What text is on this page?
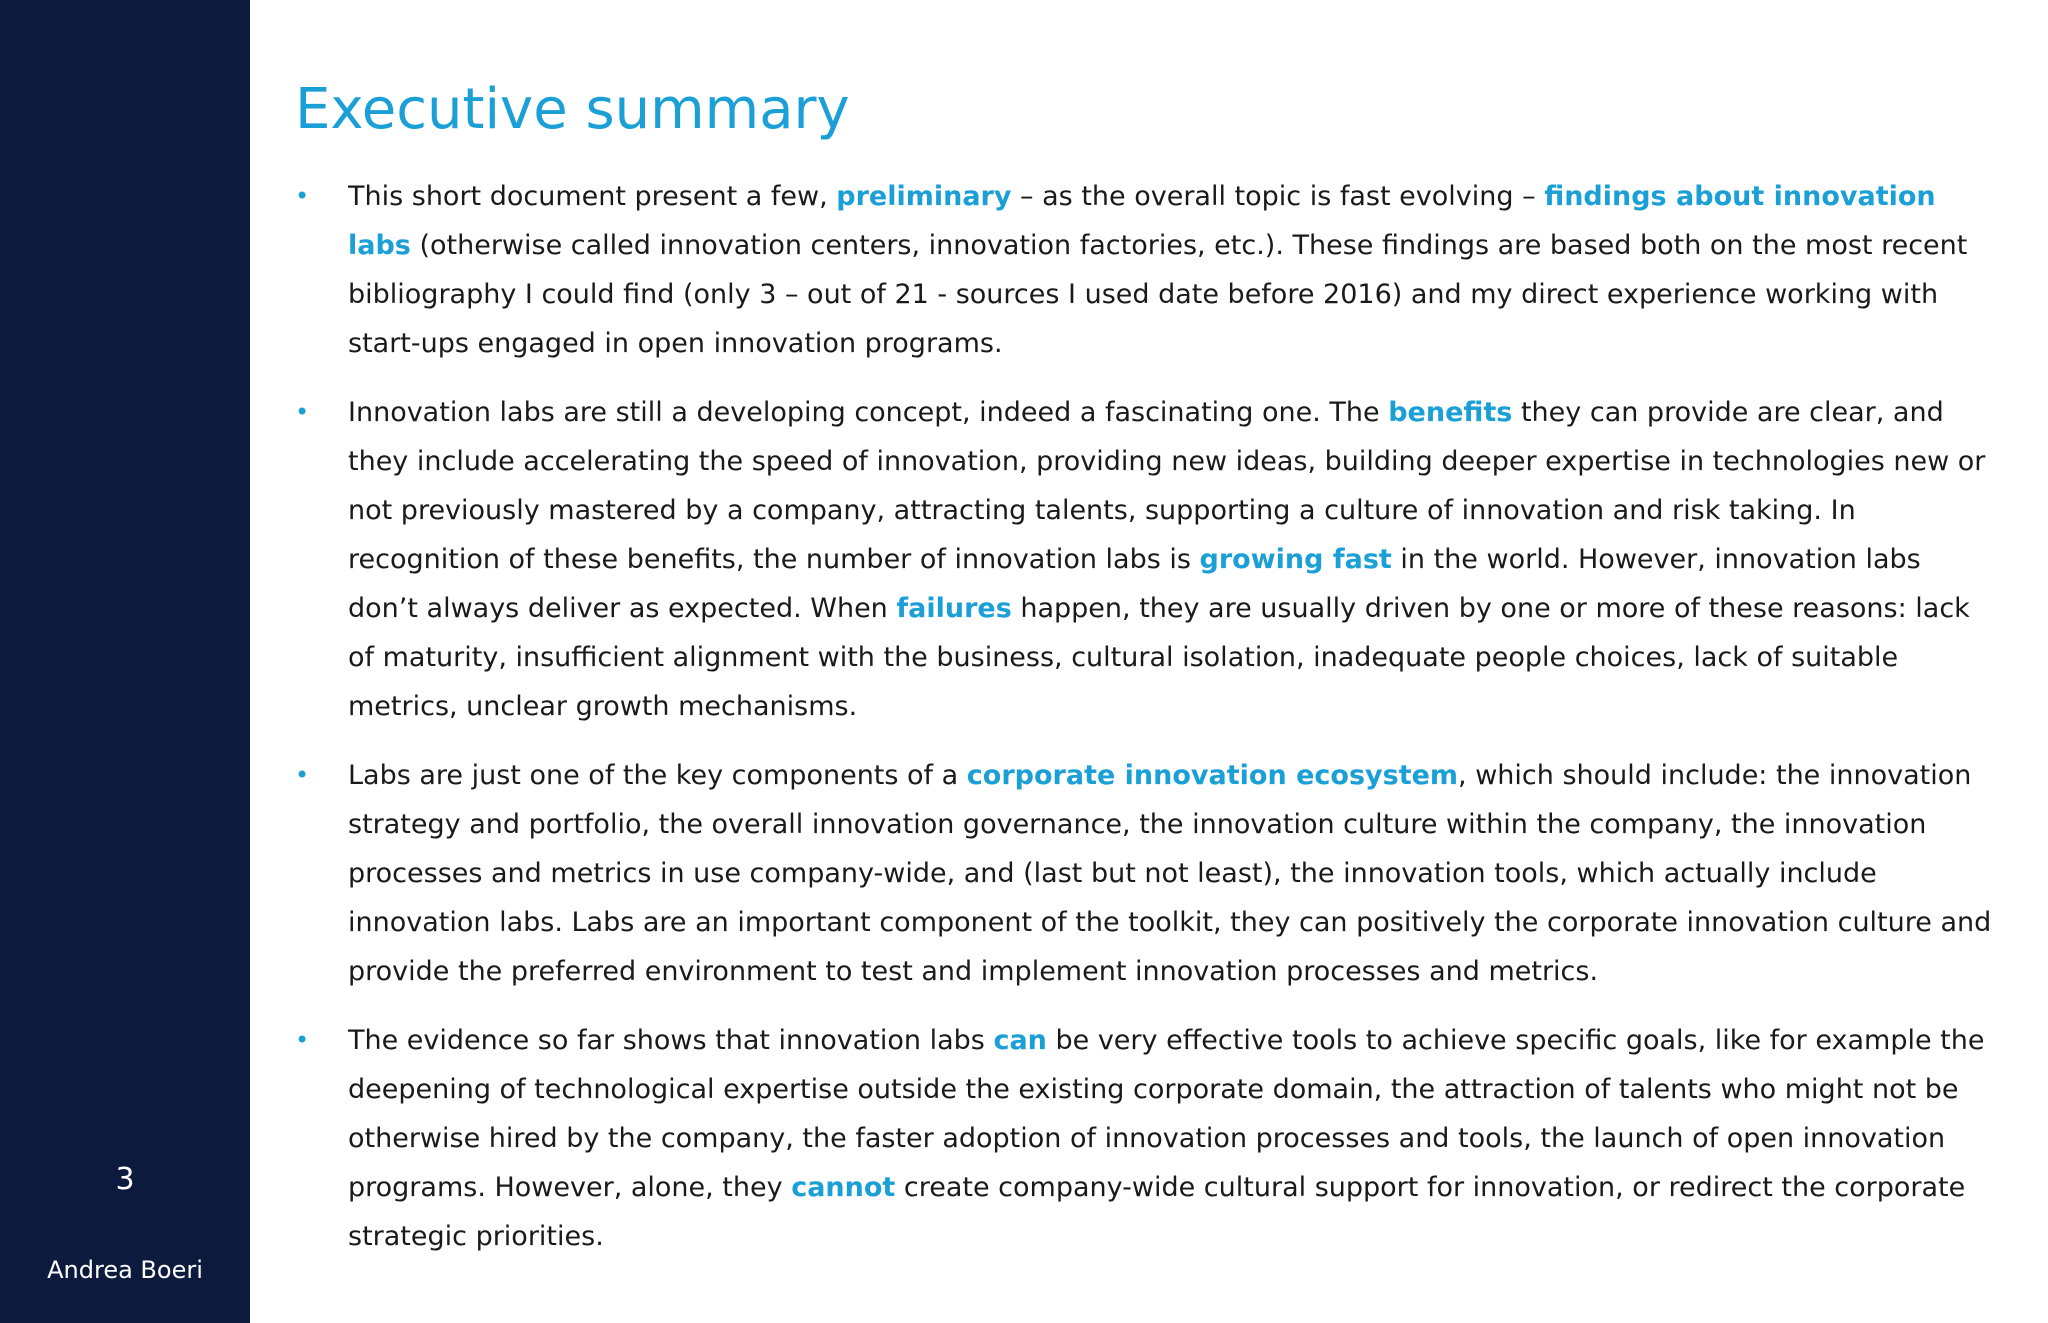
3
Andrea Boeri
Executive summary
• This short document present a few, preliminary – as the overall topic is fast evolving – findings about innovation labs (otherwise called innovation centers, innovation factories, etc.). These findings are based both on the most recent bibliography I could find (only 3 – out of 21 - sources I used date before 2016) and my direct experience working with start-ups engaged in open innovation programs.
• Innovation labs are still a developing concept, indeed a fascinating one. The benefits they can provide are clear, and they include accelerating the speed of innovation, providing new ideas, building deeper expertise in technologies new or not previously mastered by a company, attracting talents, supporting a culture of innovation and risk taking. In recognition of these benefits, the number of innovation labs is growing fast in the world. However, innovation labs don’t always deliver as expected. When failures happen, they are usually driven by one or more of these reasons: lack of maturity, insufficient alignment with the business, cultural isolation, inadequate people choices, lack of suitable metrics, unclear growth mechanisms.
• Labs are just one of the key components of a corporate innovation ecosystem, which should include: the innovation strategy and portfolio, the overall innovation governance, the innovation culture within the company, the innovation processes and metrics in use company-wide, and (last but not least), the innovation tools, which actually include innovation labs. Labs are an important component of the toolkit, they can positively the corporate innovation culture and provide the preferred environment to test and implement innovation processes and metrics.
• The evidence so far shows that innovation labs can be very effective tools to achieve specific goals, like for example the deepening of technological expertise outside the existing corporate domain, the attraction of talents who might not be otherwise hired by the company, the faster adoption of innovation processes and tools, the launch of open innovation programs. However, alone, they cannot create company-wide cultural support for innovation, or redirect the corporate strategic priorities.
